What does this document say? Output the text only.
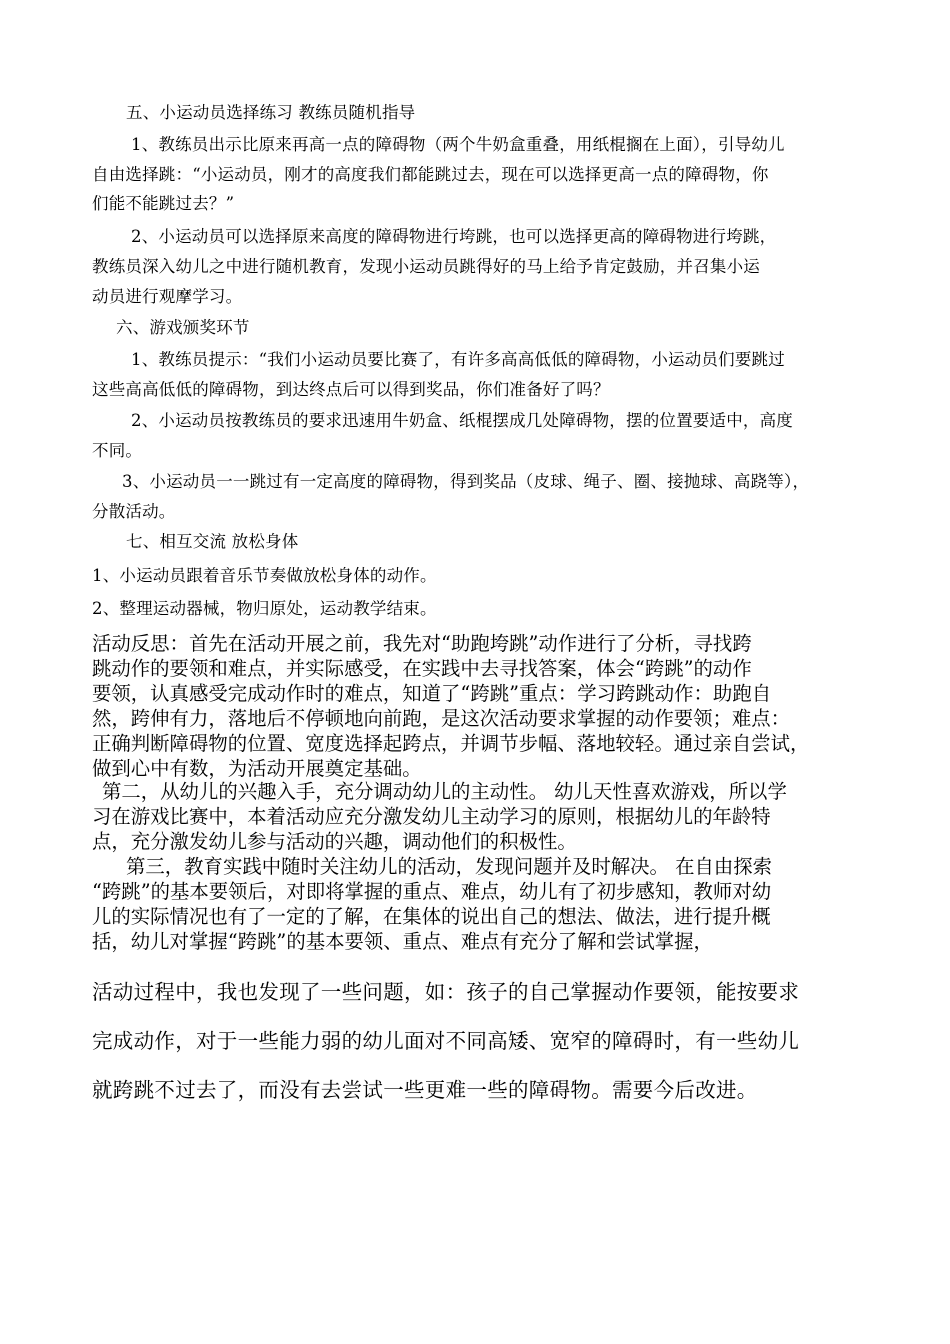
五、小运动员选择练习 教练员随机指导

1、教练员出示比原来再高一点的障碍物（两个牛奶盒重叠，用纸棍搁在上面），引导幼儿

自由选择跳：“小运动员，刚才的高度我们都能跳过去，现在可以选择更高一点的障碍物，你

们能不能跳过去？”

2、小运动员可以选择原来高度的障碍物进行垮跳，也可以选择更高的障碍物进行垮跳，

教练员深入幼儿之中进行随机教育，发现小运动员跳得好的马上给予肯定鼓励，并召集小运

动员进行观摩学习。

六、游戏颁奖环节

1、教练员提示：“我们小运动员要比赛了，有许多高高低低的障碍物，小运动员们要跳过

这些高高低低的障碍物，到达终点后可以得到奖品，你们准备好了吗？

2、小运动员按教练员的要求迅速用牛奶盒、纸棍摆成几处障碍物，摆的位置要适中，高度

不同。

3、小运动员一一跳过有一定高度的障碍物，得到奖品（皮球、绳子、圈、接抛球、高跷等），

分散活动。

七、相互交流 放松身体

1、小运动员跟着音乐节奏做放松身体的动作。

2、整理运动器械，物归原处，运动教学结束。

活动反思：首先在活动开展之前，我先对“助跑垮跳”动作进行了分析，寻找跨

跳动作的要领和难点，并实际感受，在实践中去寻找答案，体会“跨跳”的动作

要领，认真感受完成动作时的难点，知道了“跨跳”重点：学习跨跳动作：助跑自

然，跨伸有力，落地后不停顿地向前跑，是这次活动要求掌握的动作要领；难点：

正确判断障碍物的位置、宽度选择起跨点，并调节步幅、落地较轻。通过亲自尝试，

做到心中有数，为活动开展奠定基础。

第二，从幼儿的兴趣入手，充分调动幼儿的主动性。 幼儿天性喜欢游戏，所以学

习在游戏比赛中，本着活动应充分激发幼儿主动学习的原则，根据幼儿的年龄特

点，充分激发幼儿参与活动的兴趣，调动他们的积极性。

第三，教育实践中随时关注幼儿的活动，发现问题并及时解决。 在自由探索

“跨跳”的基本要领后，对即将掌握的重点、难点，幼儿有了初步感知，教师对幼

儿的实际情况也有了一定的了解，在集体的说出自己的想法、做法，进行提升概

括，幼儿对掌握“跨跳”的基本要领、重点、难点有充分了解和尝试掌握，

活动过程中，我也发现了一些问题，如：孩子的自己掌握动作要领，能按要求

完成动作，对于一些能力弱的幼儿面对不同高矮、宽窄的障碍时，有一些幼儿

就跨跳不过去了，而没有去尝试一些更难一些的障碍物。需要今后改进。
